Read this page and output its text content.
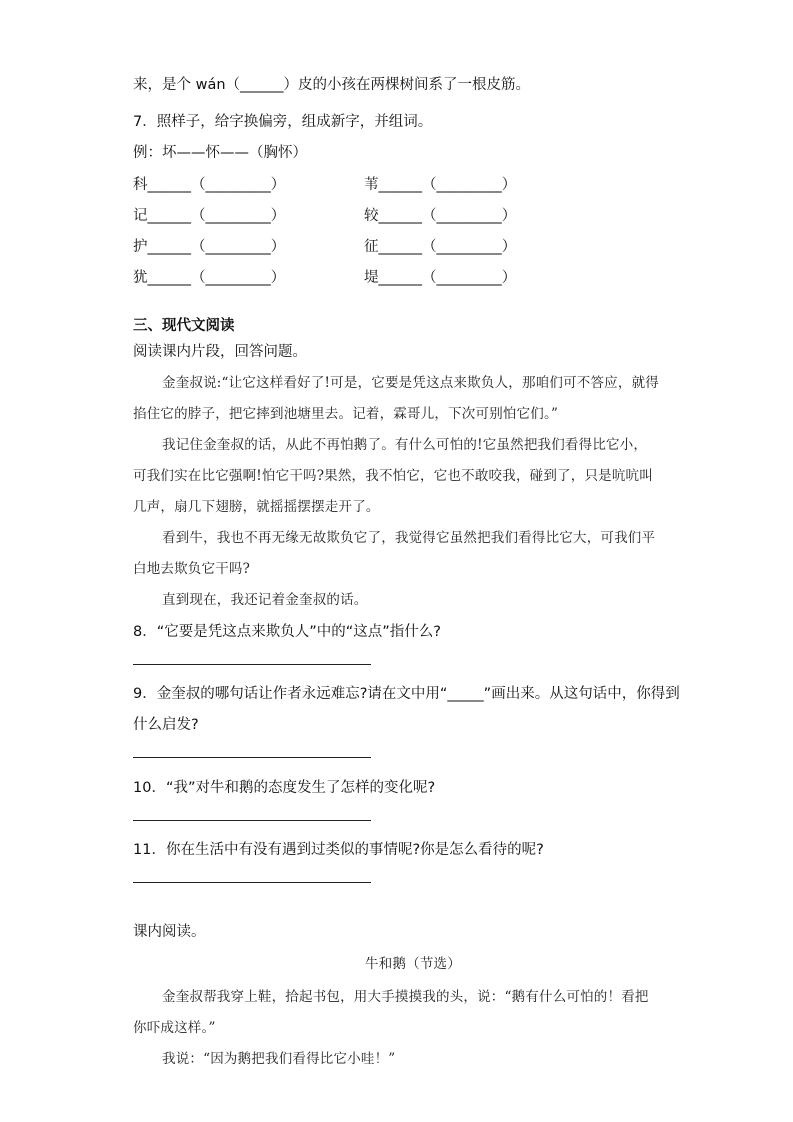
来，是个 wán（______）皮的小孩在两棵树间系了一根皮筋。
7．照样子，给字换偏旁，组成新字，并组词。
例：坏——怀——（胸怀）
科______（_________）	苇______（_________）
记______（_________）	较______（_________）
护______（_________）	征______（_________）
犹______（_________）	堤______（_________）
三、现代文阅读
阅读课内片段，回答问题。
金奎叔说:“让它这样看好了!可是，它要是凭这点来欺负人，那咱们可不答应，就得
掐住它的脖子，把它摔到池塘里去。记着，霖哥儿，下次可别怕它们。”
我记住金奎叔的话，从此不再怕鹅了。有什么可怕的!它虽然把我们看得比它小，
可我们实在比它强啊!怕它干吗?果然，我不怕它，它也不敢咬我，碰到了，只是吭吭叫
几声，扇几下翅膀，就摇摇摆摆走开了。
看到牛，我也不再无缘无故欺负它了，我觉得它虽然把我们看得比它大，可我们平
白地去欺负它干吗?
直到现在，我还记着金奎叔的话。
8．“它要是凭这点来欺负人”中的“这点”指什么?
9．金奎叔的哪句话让作者永远难忘?请在文中用“_____”画出来。从这句话中，你得到
什么启发?
10．“我”对牛和鹅的态度发生了怎样的变化呢?
11．你在生活中有没有遇到过类似的事情呢?你是怎么看待的呢?
课内阅读。
牛和鹅（节选）
金奎叔帮我穿上鞋，拾起书包，用大手摸摸我的头，说：“鹅有什么可怕的！看把
你吓成这样。”
我说：“因为鹅把我们看得比它小哇！”
